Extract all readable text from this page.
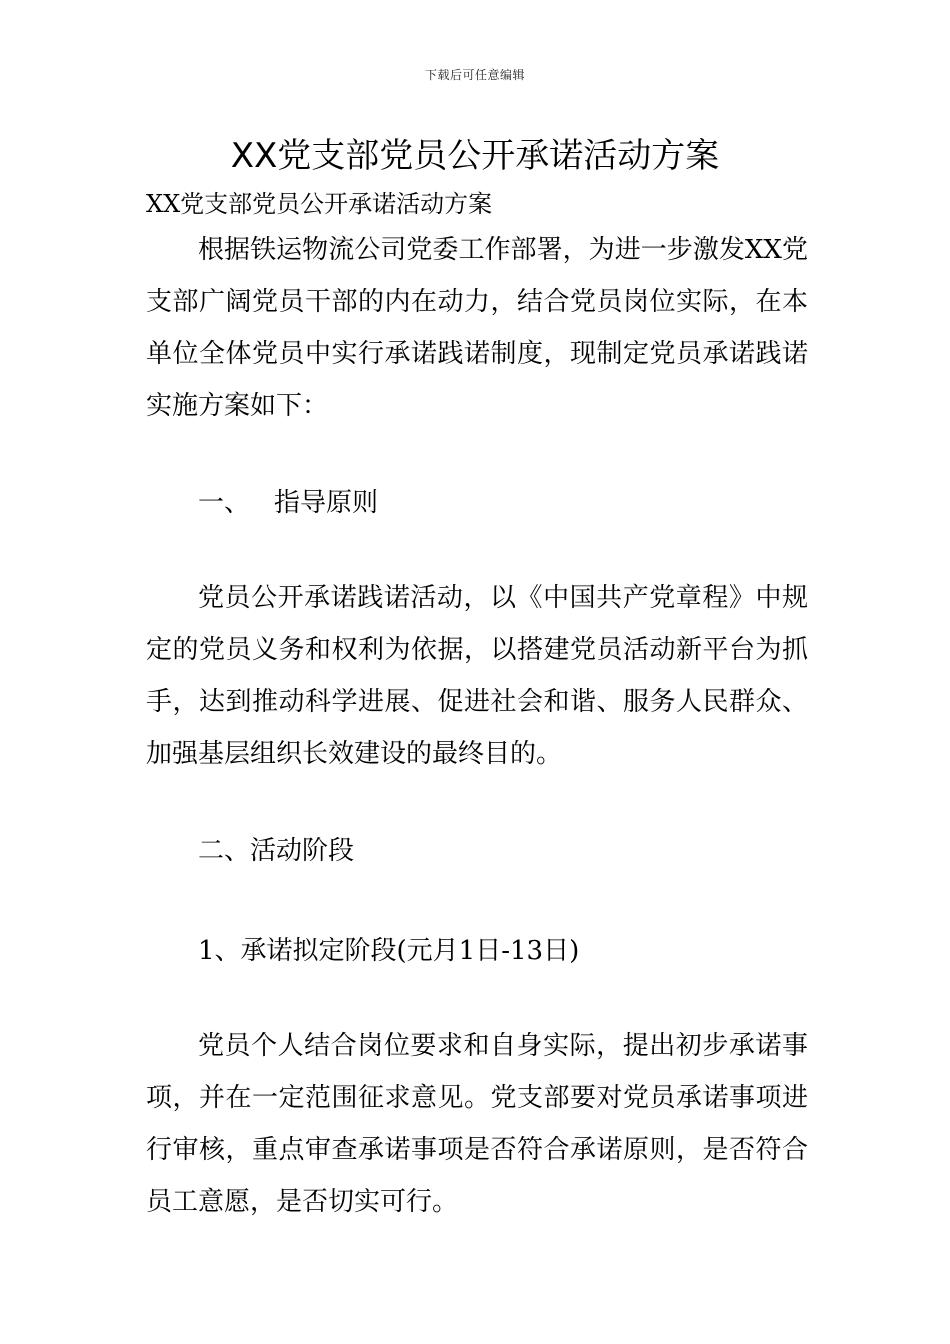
下载后可任意编辑
XX党支部党员公开承诺活动方案
XX党支部党员公开承诺活动方案

根据铁运物流公司党委工作部署，为进一步激发XX党支部广阔党员干部的内在动力，结合党员岗位实际，在本单位全体党员中实行承诺践诺制度，现制定党员承诺践诺实施方案如下：

一、 指导原则

党员公开承诺践诺活动，以《中国共产党章程》中规定的党员义务和权利为依据，以搭建党员活动新平台为抓手，达到推动科学进展、促进社会和谐、服务人民群众、加强基层组织长效建设的最终目的。

二、活动阶段
1、承诺拟定阶段(元月1日-13日)

党员个人结合岗位要求和自身实际，提出初步承诺事项，并在一定范围征求意见。党支部要对党员承诺事项进行审核，重点审查承诺事项是否符合承诺原则，是否符合员工意愿，是否切实可行。
